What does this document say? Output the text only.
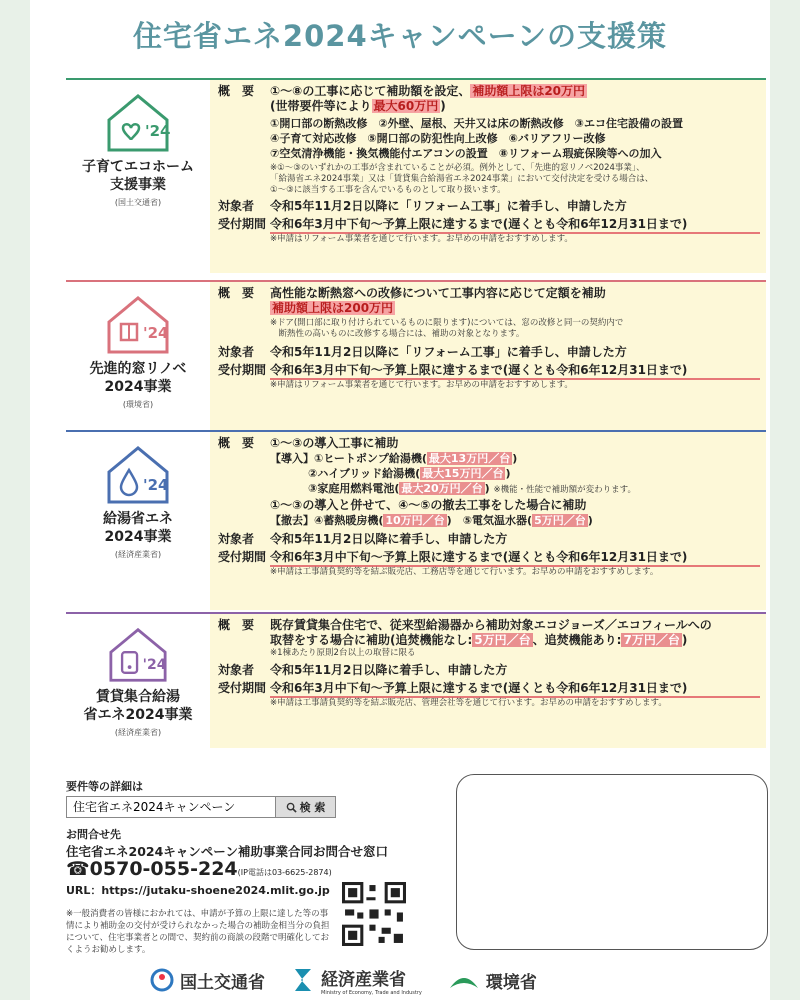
住宅省エネ2024キャンペーンの支援策
'24
子育てエコホーム
支援事業
(国土交通省)
概　要	①〜⑧の工事に応じて補助額を設定、 補助額上限は20万円
(世帯要件等により 最大60万円 )
①開口部の断熱改修　②外壁、屋根、天井又は床の断熱改修　③エコ住宅設備の設置
④子育て対応改修　⑤開口部の防犯性向上改修　⑥バリアフリー改修
⑦空気清浄機能・換気機能付エアコンの設置　⑧リフォーム瑕疵保険等への加入
※①〜③のいずれかの工事が含まれていることが必須。例外として、「先進的窓リノベ2024事業」、
「給湯省エネ2024事業」又は「賃貸集合給湯省エネ2024事業」において交付決定を受ける場合は、
①〜③に該当する工事を含んでいるものとして取り扱います。
対象者	令和5年11月2日以降に「リフォーム工事」に着手し、申請した方
受付期間 令和6年3月中下旬〜予算上限に達するまで(遅くとも令和6年12月31日まで)
※申請はリフォーム事業者を通じて行います。お早めの申請をおすすめします。
'24
先進的窓リノベ
2024事業
(環境省)
概　要	高性能な断熱窓への改修について工事内容に応じて定額を補助
補助額上限は200万円
※ドア(開口部に取り付けられているものに限ります)については、窓の改修と同一の契約内で
　断熱性の高いものに改修する場合には、補助の対象となります。
対象者	令和5年11月2日以降に「リフォーム工事」に着手し、申請した方
受付期間 令和6年3月中下旬〜予算上限に達するまで(遅くとも令和6年12月31日まで)
※申請はリフォーム事業者を通じて行います。お早めの申請をおすすめします。
'24
給湯省エネ
2024事業
(経済産業省)
概　要	①〜③の導入工事に補助
【導入】①ヒートポンプ給湯機( 最大13万円／台 )
②ハイブリッド給湯機( 最大15万円／台 )
③家庭用燃料電池( 最大20万円／台 ) ※機能・性能で補助額が変わります。
①〜③の導入と併せて、④〜⑤の撤去工事をした場合に補助
【撤去】④蓄熱暖房機( 10万円／台 )　⑤電気温水器( 5万円／台 )
対象者	令和5年11月2日以降に着手し、申請した方
受付期間 令和6年3月中下旬〜予算上限に達するまで(遅くとも令和6年12月31日まで)
※申請は工事請負契約等を結ぶ販売店、工務店等を通じて行います。お早めの申請をおすすめします。
'24
賃貸集合給湯
省エネ2024事業
(経済産業省)
概　要	既存賃貸集合住宅で、従来型給湯器から補助対象エコジョーズ／エコフィールへの
取替をする場合に補助(追焚機能なし: 5万円／台 、追焚機能あり: 7万円／台 )
※1棟あたり原則2台以上の取替に限る
対象者	令和5年11月2日以降に着手し、申請した方
受付期間 令和6年3月中下旬〜予算上限に達するまで(遅くとも令和6年12月31日まで)
※申請は工事請負契約等を結ぶ販売店、管理会社等を通じて行います。お早めの申請をおすすめします。
要件等の詳細は
住宅省エネ2024キャンペーン
検 索
お問合せ先
住宅省エネ2024キャンペーン補助事業合同お問合せ窓口
☎0570-055-224(IP電話は03-6625-2874)
URL：https://jutaku-shoene2024.mlit.go.jp
※一般消費者の皆様におかれては、申請が予算の上限に達した等の事情により補助金の交付が受けられなかった場合の補助金相当分の負担について、住宅事業者との間で、契約前の商談の段階で明確化しておくようお勧めします。
国土交通省	経済産業省
Ministry of Economy, Trade and Industry	環境省
